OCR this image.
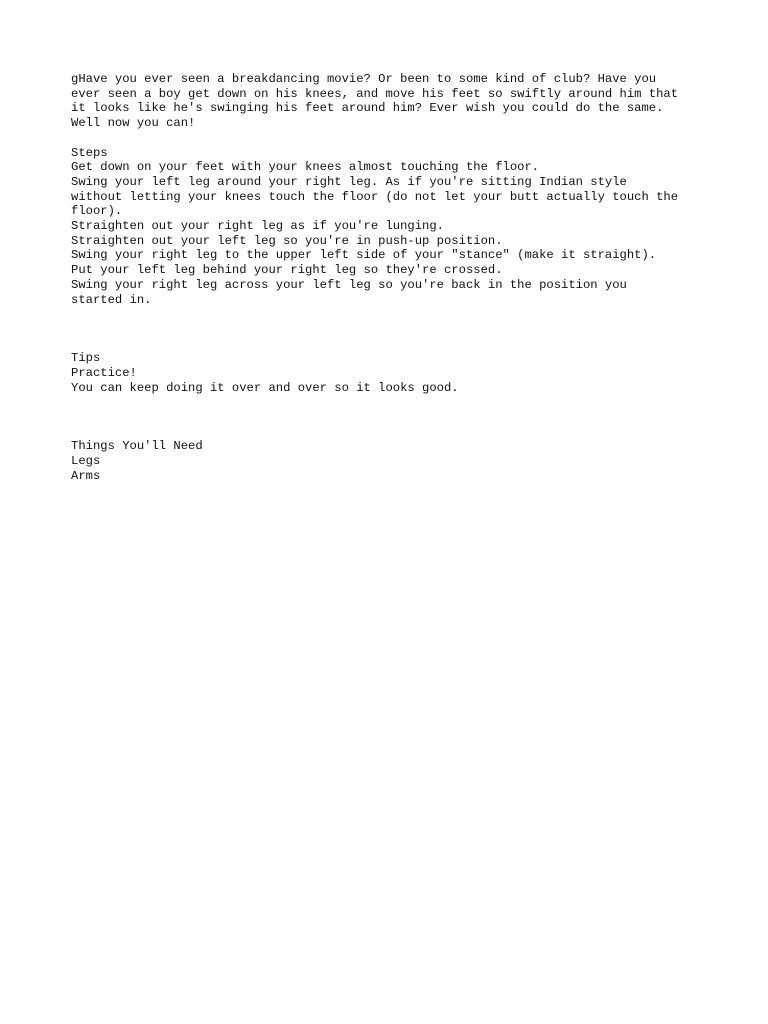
gHave you ever seen a breakdancing movie? Or been to some kind of club? Have you
ever seen a boy get down on his knees, and move his feet so swiftly around him that
it looks like he's swinging his feet around him? Ever wish you could do the same.
Well now you can!
Steps
Get down on your feet with your knees almost touching the floor.
Swing your left leg around your right leg. As if you're sitting Indian style
without letting your knees touch the floor (do not let your butt actually touch the
floor).
Straighten out your right leg as if you're lunging.
Straighten out your left leg so you're in push-up position.
Swing your right leg to the upper left side of your "stance" (make it straight).
Put your left leg behind your right leg so they're crossed.
Swing your right leg across your left leg so you're back in the position you
started in.
Tips
Practice!
You can keep doing it over and over so it looks good.
Things You'll Need
Legs
Arms
